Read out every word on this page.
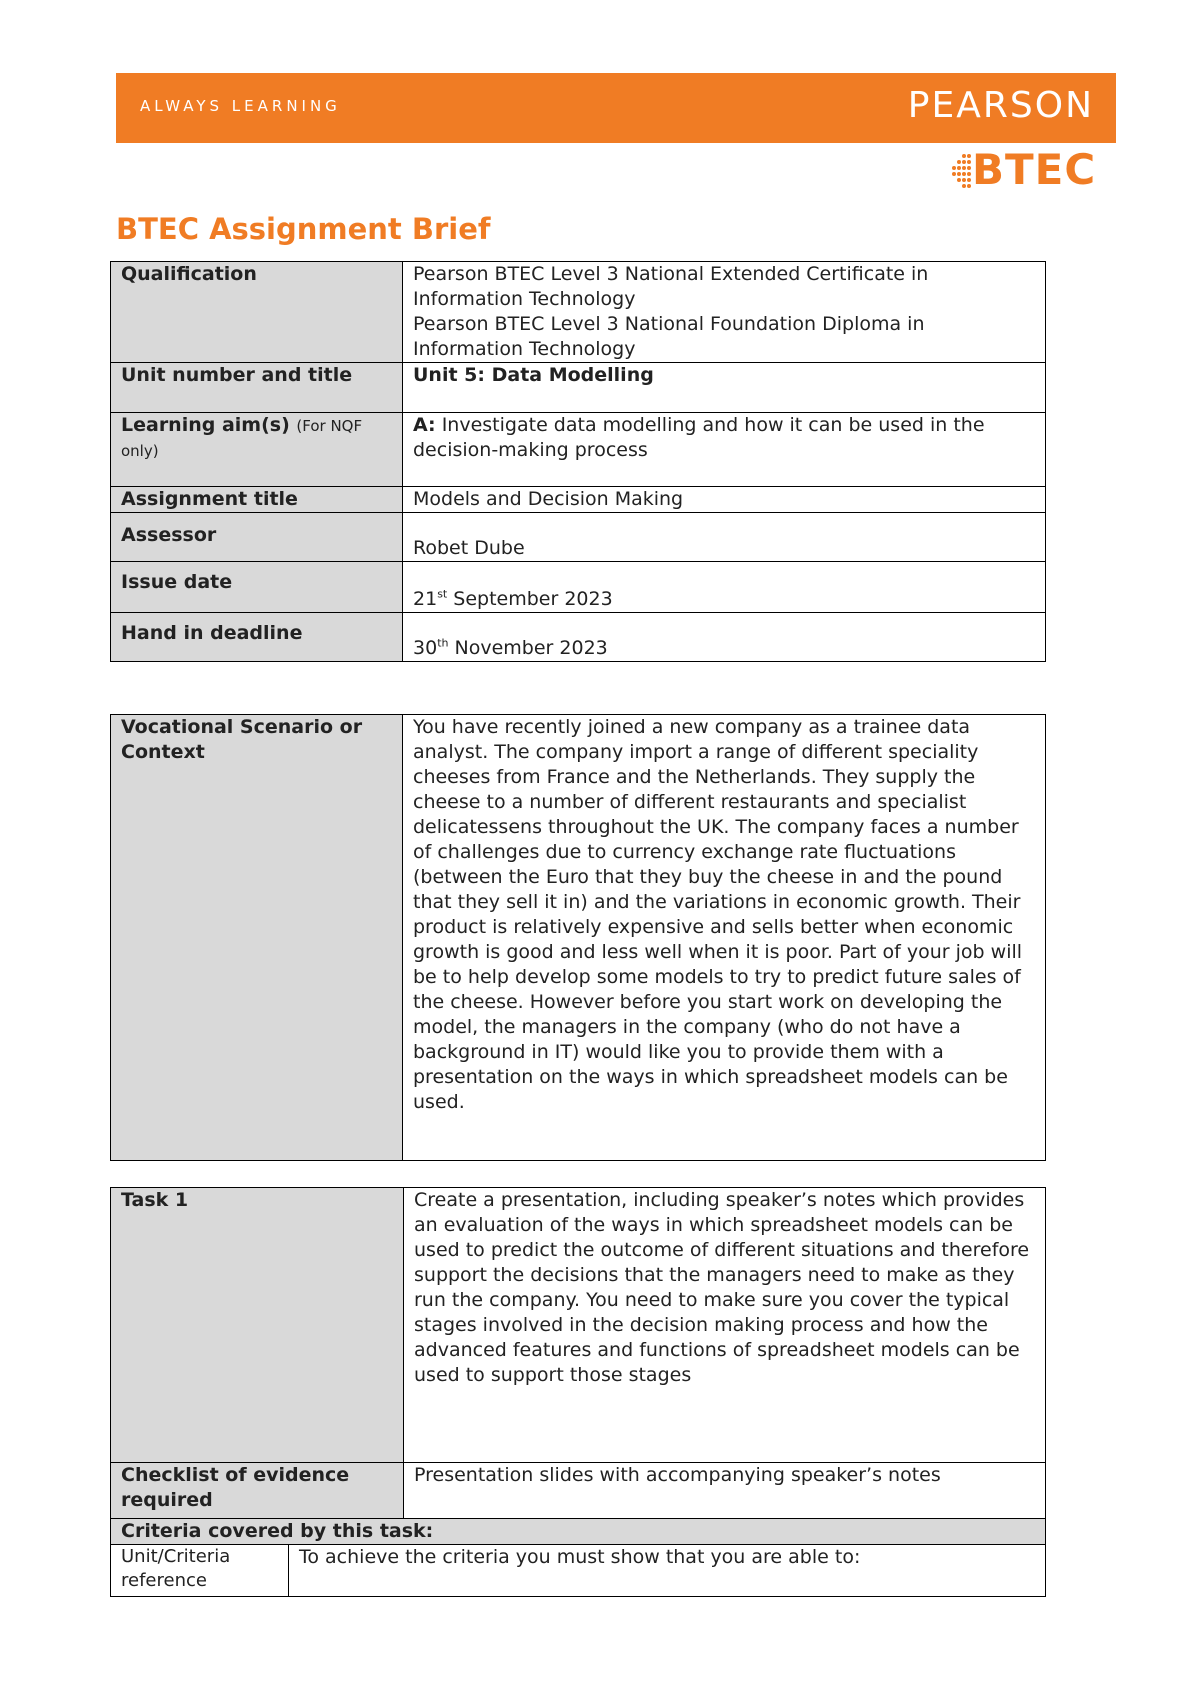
ALWAYS LEARNING	PEARSON
BTEC
BTEC Assignment Brief
Qualification	Pearson BTEC Level 3 National Extended Certificate in Information Technology
Pearson BTEC Level 3 National Foundation Diploma in Information Technology

Unit number and title	Unit 5: Data Modelling
Learning aim(s) (For NQF only)	A: Investigate data modelling and how it can be used in the decision-making process
Assignment title	Models and Decision Making
Assessor	Robet Dube
Issue date	21st September 2023
Hand in deadline	30th November 2023
Vocational Scenario or Context	You have recently joined a new company as a trainee data analyst. The company import a range of different speciality cheeses from France and the Netherlands. They supply the cheese to a number of different restaurants and specialist delicatessens throughout the UK. The company faces a number of challenges due to currency exchange rate fluctuations (between the Euro that they buy the cheese in and the pound that they sell it in) and the variations in economic growth. Their product is relatively expensive and sells better when economic growth is good and less well when it is poor. Part of your job will be to help develop some models to try to predict future sales of the cheese. However before you start work on developing the model, the managers in the company (who do not have a background in IT) would like you to provide them with a presentation on the ways in which spreadsheet models can be used.
Task 1		Create a presentation, including speaker’s notes which provides an evaluation of the ways in which spreadsheet models can be used to predict the outcome of different situations and therefore support the decisions that the managers need to make as they run the company. You need to make sure you cover the typical stages involved in the decision making process and how the advanced features and functions of spreadsheet models can be used to support those stages
Checklist of evidence required		Presentation slides with accompanying speaker’s notes
Criteria covered by this task:		
Unit/Criteria reference	To achieve the criteria you must show that you are able to:	
